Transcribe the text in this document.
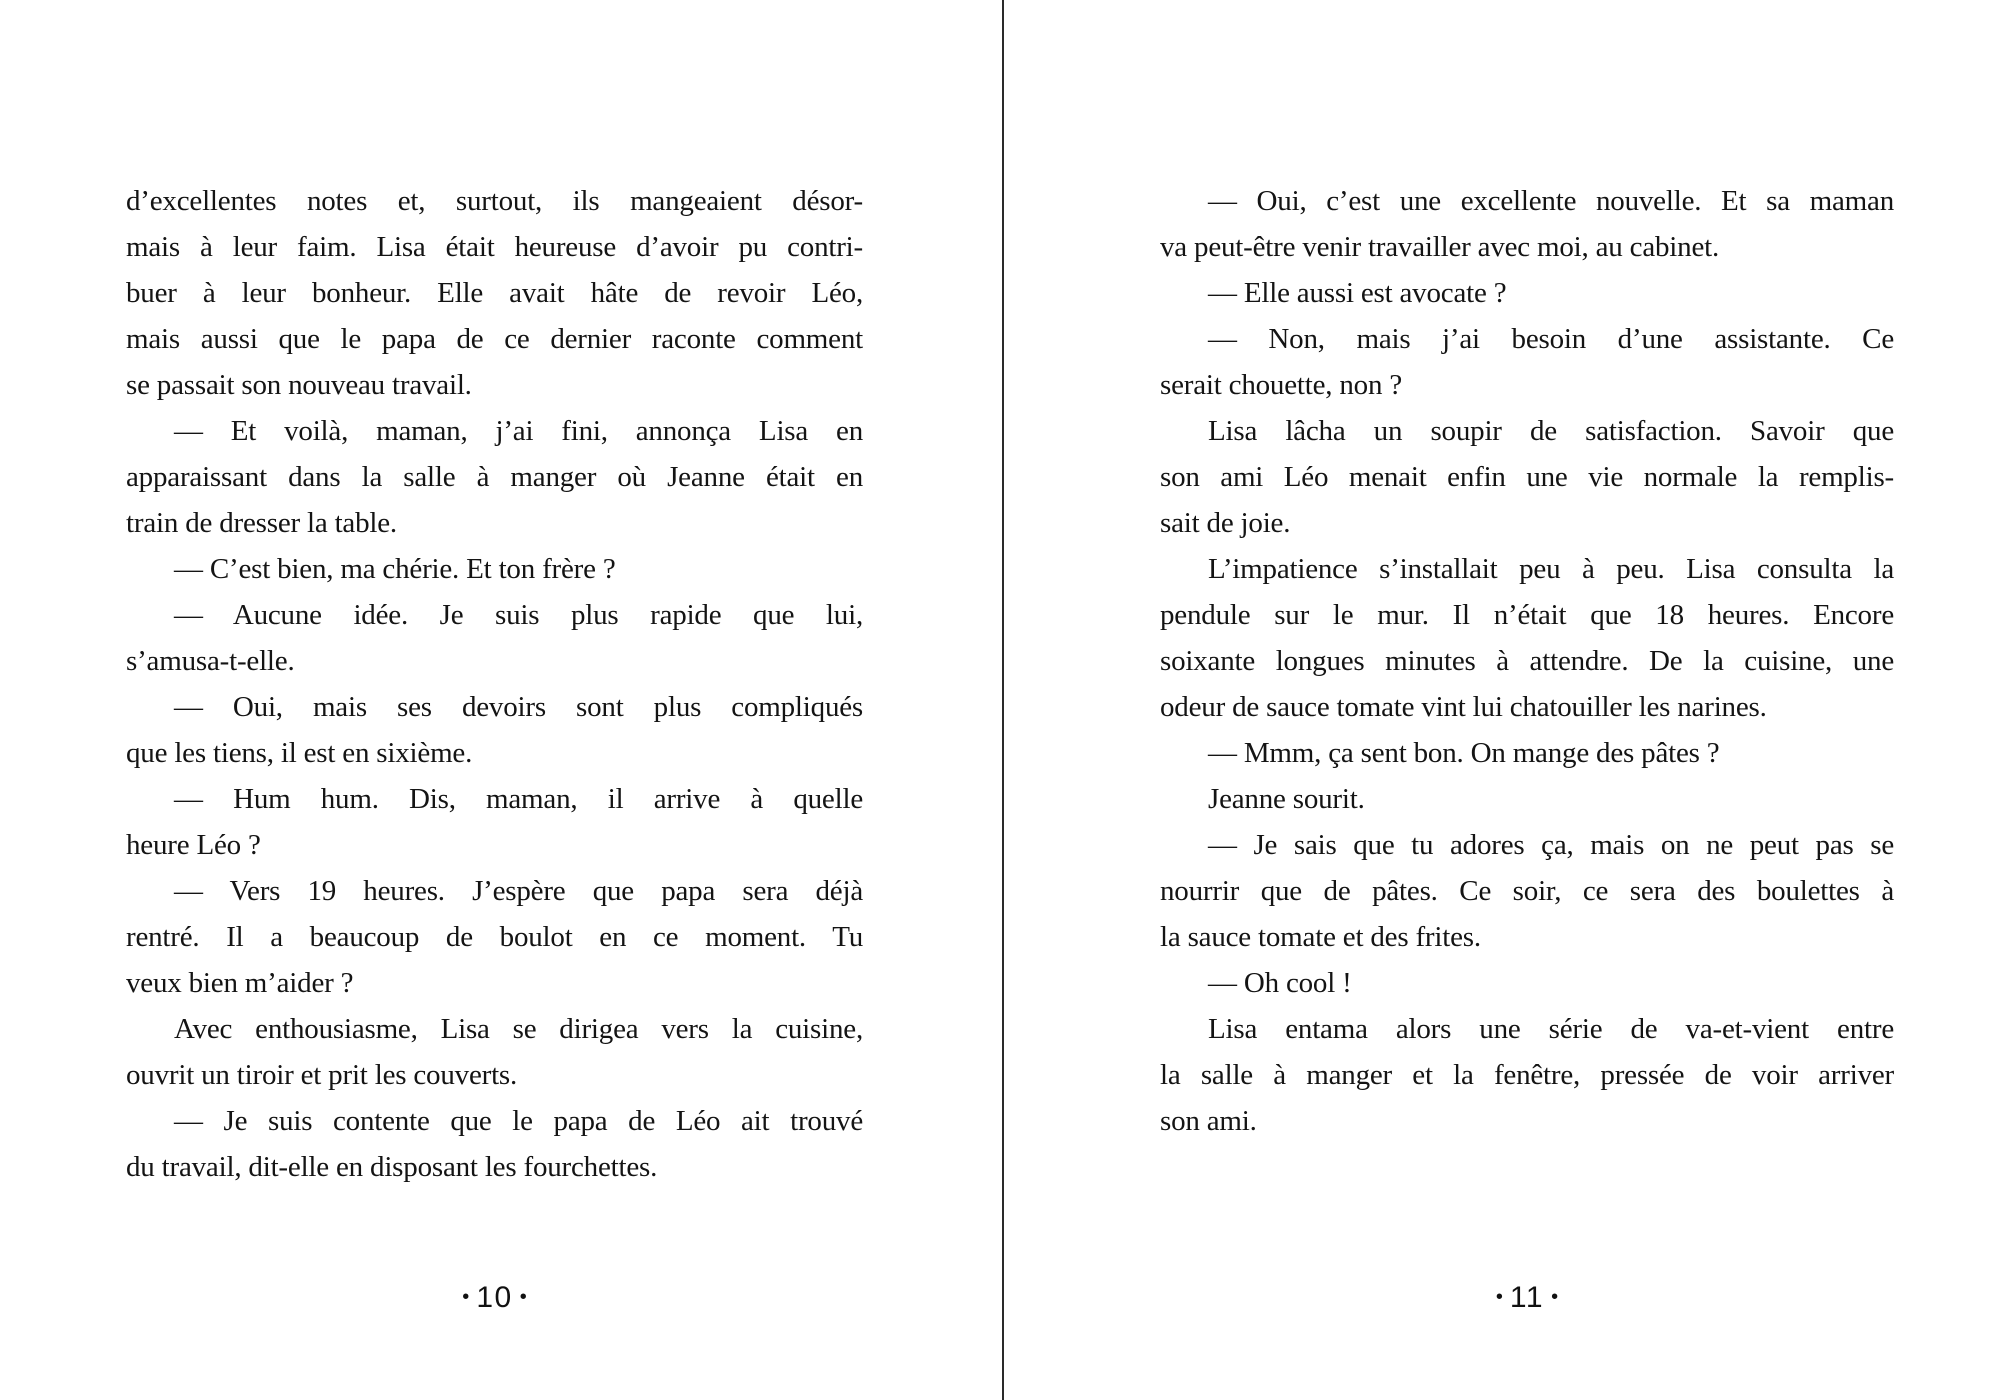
d’excellentes notes et, surtout, ils mangeaient désor-
mais à leur faim. Lisa était heureuse d’avoir pu contri-
buer à leur bonheur. Elle avait hâte de revoir Léo,
mais aussi que le papa de ce dernier raconte comment
se passait son nouveau travail.
— Et voilà, maman, j’ai fini, annonça Lisa en
apparaissant dans la salle à manger où Jeanne était en
train de dresser la table.
— C’est bien, ma chérie. Et ton frère ?
— Aucune idée. Je suis plus rapide que lui,
s’amusa-t-elle.
— Oui, mais ses devoirs sont plus compliqués
que les tiens, il est en sixième.
— Hum hum. Dis, maman, il arrive à quelle
heure Léo ?
— Vers 19 heures. J’espère que papa sera déjà
rentré. Il a beaucoup de boulot en ce moment. Tu
veux bien m’aider ?
Avec enthousiasme, Lisa se dirigea vers la cuisine,
ouvrit un tiroir et prit les couverts.
— Je suis contente que le papa de Léo ait trouvé
du travail, dit-elle en disposant les fourchettes.
— Oui, c’est une excellente nouvelle. Et sa maman
va peut-être venir travailler avec moi, au cabinet.
— Elle aussi est avocate ?
— Non, mais j’ai besoin d’une assistante. Ce
serait chouette, non ?
Lisa lâcha un soupir de satisfaction. Savoir que
son ami Léo menait enfin une vie normale la remplis-
sait de joie.
L’impatience s’installait peu à peu. Lisa consulta la
pendule sur le mur. Il n’était que 18 heures. Encore
soixante longues minutes à attendre. De la cuisine, une
odeur de sauce tomate vint lui chatouiller les narines.
— Mmm, ça sent bon. On mange des pâtes ?
Jeanne sourit.
— Je sais que tu adores ça, mais on ne peut pas se
nourrir que de pâtes. Ce soir, ce sera des boulettes à
la sauce tomate et des frites.
— Oh cool !
Lisa entama alors une série de va-et-vient entre
la salle à manger et la fenêtre, pressée de voir arriver
son ami.
• 10 •	• 11 •
